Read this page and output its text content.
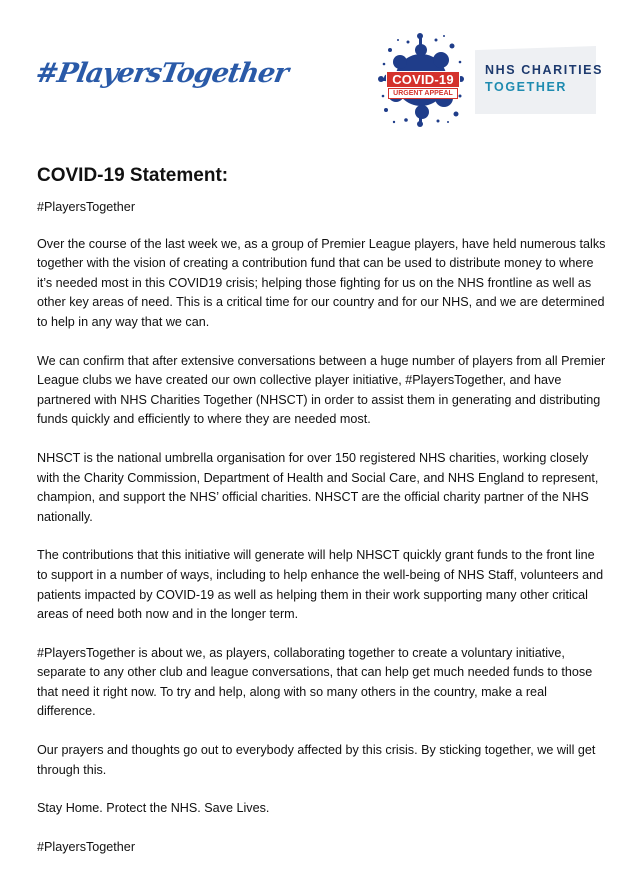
#PlayersTogether	COVID-19
URGENT APPEAL
NHS CHARITIES
TOGETHER
COVID-19 Statement:

#PlayersTogether

Over the course of the last week we, as a group of Premier League players, have held numerous talks together with the vision of creating a contribution fund that can be used to distribute money to where it’s needed most in this COVID19 crisis; helping those fighting for us on the NHS frontline as well as other key areas of need. This is a critical time for our country and for our NHS, and we are determined to help in any way that we can.

We can confirm that after extensive conversations between a huge number of players from all Premier League clubs we have created our own collective player initiative, #PlayersTogether, and have partnered with NHS Charities Together (NHSCT) in order to assist them in generating and distributing funds quickly and efficiently to where they are needed most.

NHSCT is the national umbrella organisation for over 150 registered NHS charities, working closely with the Charity Commission, Department of Health and Social Care, and NHS England to represent, champion, and support the NHS’ official charities. NHSCT are the official charity partner of the NHS nationally.

The contributions that this initiative will generate will help NHSCT quickly grant funds to the front line to support in a number of ways, including to help enhance the well-being of NHS Staff, volunteers and patients impacted by COVID-19 as well as helping them in their work supporting many other critical areas of need both now and in the longer term.

#PlayersTogether is about we, as players, collaborating together to create a voluntary initiative, separate to any other club and league conversations, that can help get much needed funds to those that need it right now. To try and help, along with so many others in the country, make a real difference.

Our prayers and thoughts go out to everybody affected by this crisis. By sticking together, we will get through this.

Stay Home. Protect the NHS. Save Lives.

#PlayersTogether
